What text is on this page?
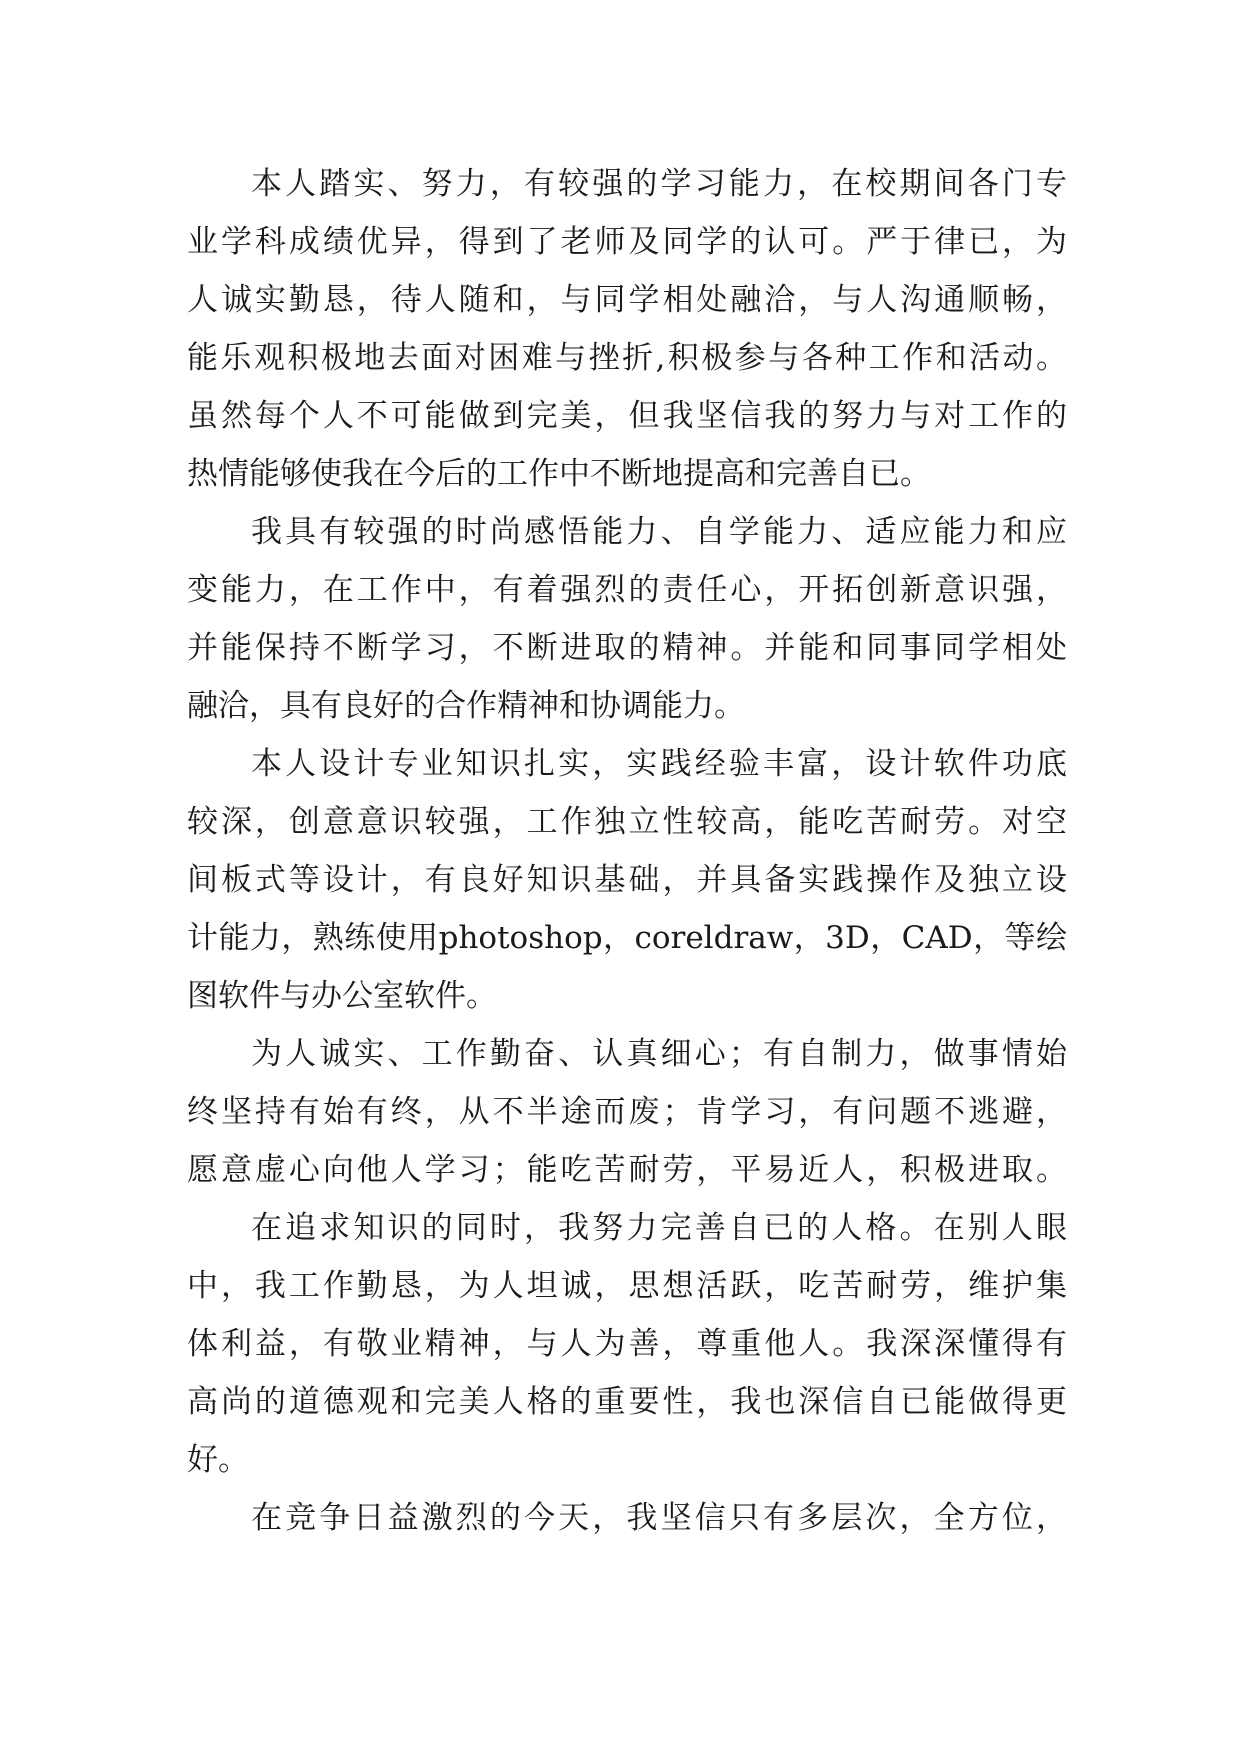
本人踏实、努力，有较强的学习能力，在校期间各门专
业学科成绩优异，得到了老师及同学的认可。严于律已，为
人诚实勤恳，待人随和，与同学相处融洽，与人沟通顺畅，
能乐观积极地去面对困难与挫折,积极参与各种工作和活动。
虽然每个人不可能做到完美，但我坚信我的努力与对工作的
热情能够使我在今后的工作中不断地提高和完善自已。
我具有较强的时尚感悟能力、自学能力、适应能力和应
变能力，在工作中，有着强烈的责任心，开拓创新意识强，
并能保持不断学习，不断进取的精神。并能和同事同学相处
融洽，具有良好的合作精神和协调能力。
本人设计专业知识扎实，实践经验丰富，设计软件功底
较深，创意意识较强，工作独立性较高，能吃苦耐劳。对空
间板式等设计，有良好知识基础，并具备实践操作及独立设
计能力，熟练使用photoshop，coreldraw，3D，CAD，等绘
图软件与办公室软件。
为人诚实、工作勤奋、认真细心；有自制力，做事情始
终坚持有始有终，从不半途而废；肯学习，有问题不逃避，
愿意虚心向他人学习；能吃苦耐劳，平易近人，积极进取。
在追求知识的同时，我努力完善自已的人格。在别人眼
中，我工作勤恳，为人坦诚，思想活跃，吃苦耐劳，维护集
体利益，有敬业精神，与人为善，尊重他人。我深深懂得有
高尚的道德观和完美人格的重要性，我也深信自已能做得更
好。
在竞争日益激烈的今天，我坚信只有多层次，全方位，
